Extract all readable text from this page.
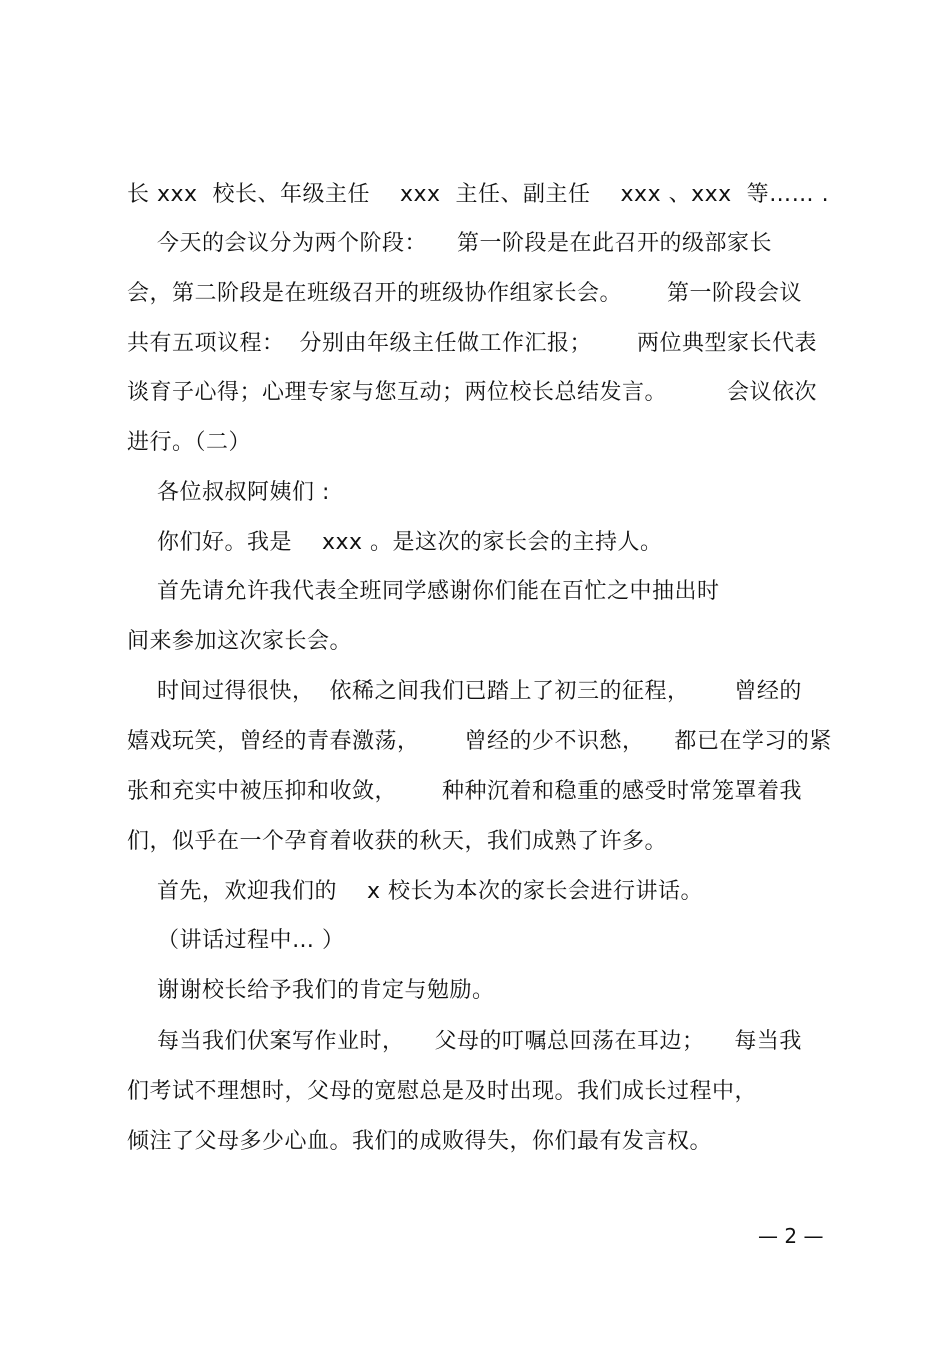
长 xxx  校长、年级主任    xxx  主任、副主任    xxx 、xxx  等…… .
今天的会议分为两个阶段：    第一阶段是在此召开的级部家长
会，第二阶段是在班级召开的班级协作组家长会。      第一阶段会议
共有五项议程：  分别由年级主任做工作汇报；      两位典型家长代表
谈育子心得；心理专家与您互动；两位校长总结发言。        会议依次
进行。（二）
各位叔叔阿姨们 :
你们好。我是    xxx 。是这次的家长会的主持人。
首先请允许我代表全班同学感谢你们能在百忙之中抽出时
间来参加这次家长会。
时间过得很快，  依稀之间我们已踏上了初三的征程，      曾经的
嬉戏玩笑，曾经的青春激荡，      曾经的少不识愁，    都已在学习的紧
张和充实中被压抑和收敛，      种种沉着和稳重的感受时常笼罩着我
们，似乎在一个孕育着收获的秋天，我们成熟了许多。
首先，欢迎我们的    x 校长为本次的家长会进行讲话。
（讲话过程中… ）
谢谢校长给予我们的肯定与勉励。
每当我们伏案写作业时，    父母的叮嘱总回荡在耳边；    每当我
们考试不理想时，父母的宽慰总是及时出现。我们成长过程中，
倾注了父母多少心血。我们的成败得失，你们最有发言权。
— 2 —
